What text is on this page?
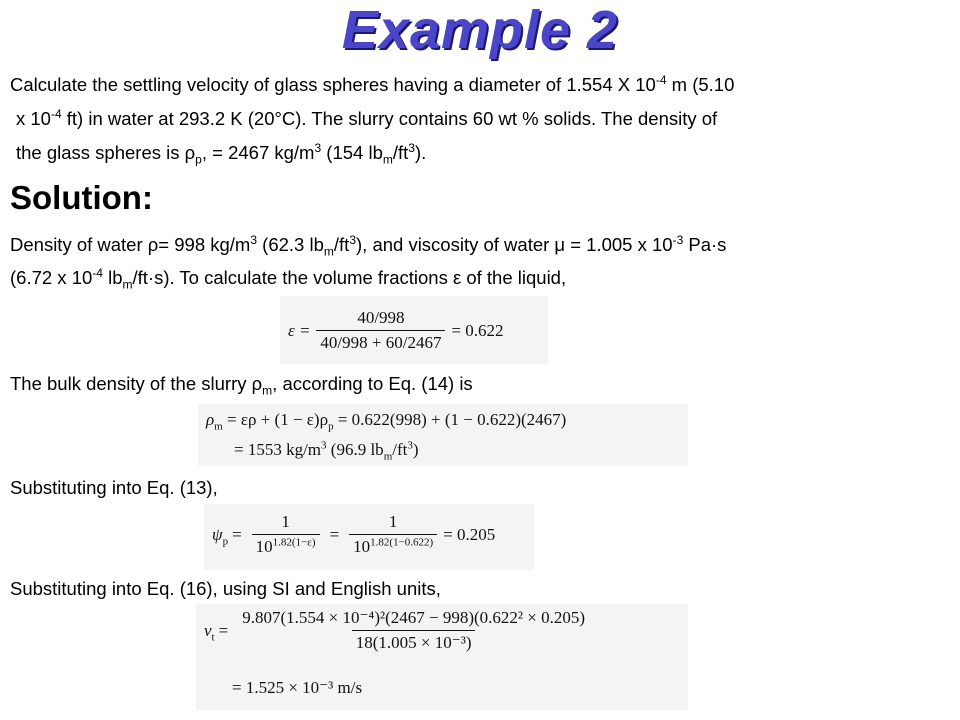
Example 2
Calculate the settling velocity of glass spheres having a diameter of 1.554 X $10^{-4}$ m (5.10
x $10^{-4}$ ft) in water at 293.2 K (20°C). The slurry contains 60 wt % solids. The density of
the glass spheres is $\rho_p$, = 2467 $kg/m^3$ (154 $lb_m/ft^3$).
Solution:
Density of water ρ= 998 $kg/m^3$ (62.3 $lb_m/ft^3$), and viscosity of water μ = 1.005 x $10^{-3}$ Pa·s
(6.72 x $10^{-4}$ $lb_m/ft\cdot s$). To calculate the volume fractions ε of the liquid,
$\varepsilon = \frac{40/998}{40/998 + 60/2467} = 0.622$
The bulk density of the slurry $\rho_m$, according to Eq. (14) is
$\rho_m = \varepsilon\rho + (1 - \varepsilon)\rho_p = 0.622(998) + (1 - 0.622)(2467)$
= 1553 $kg/m^3$ (96.9 $lb_m/ft^3$)
Substituting into Eq. (13),
$\psi_p = \frac{1}{10^{1.82(1-\varepsilon)}} = \frac{1}{10^{1.82(1-0.622)}} = 0.205$
Substituting into Eq. (16), using SI and English units,
$v_t = \frac{\text{9.807(1.554 × 10⁻⁴)²(2467 − 998)(0.622² × 0.205)}}{\text{18(1.005 × 10⁻³)}}$
= 1.525 × 10⁻³ m/s
